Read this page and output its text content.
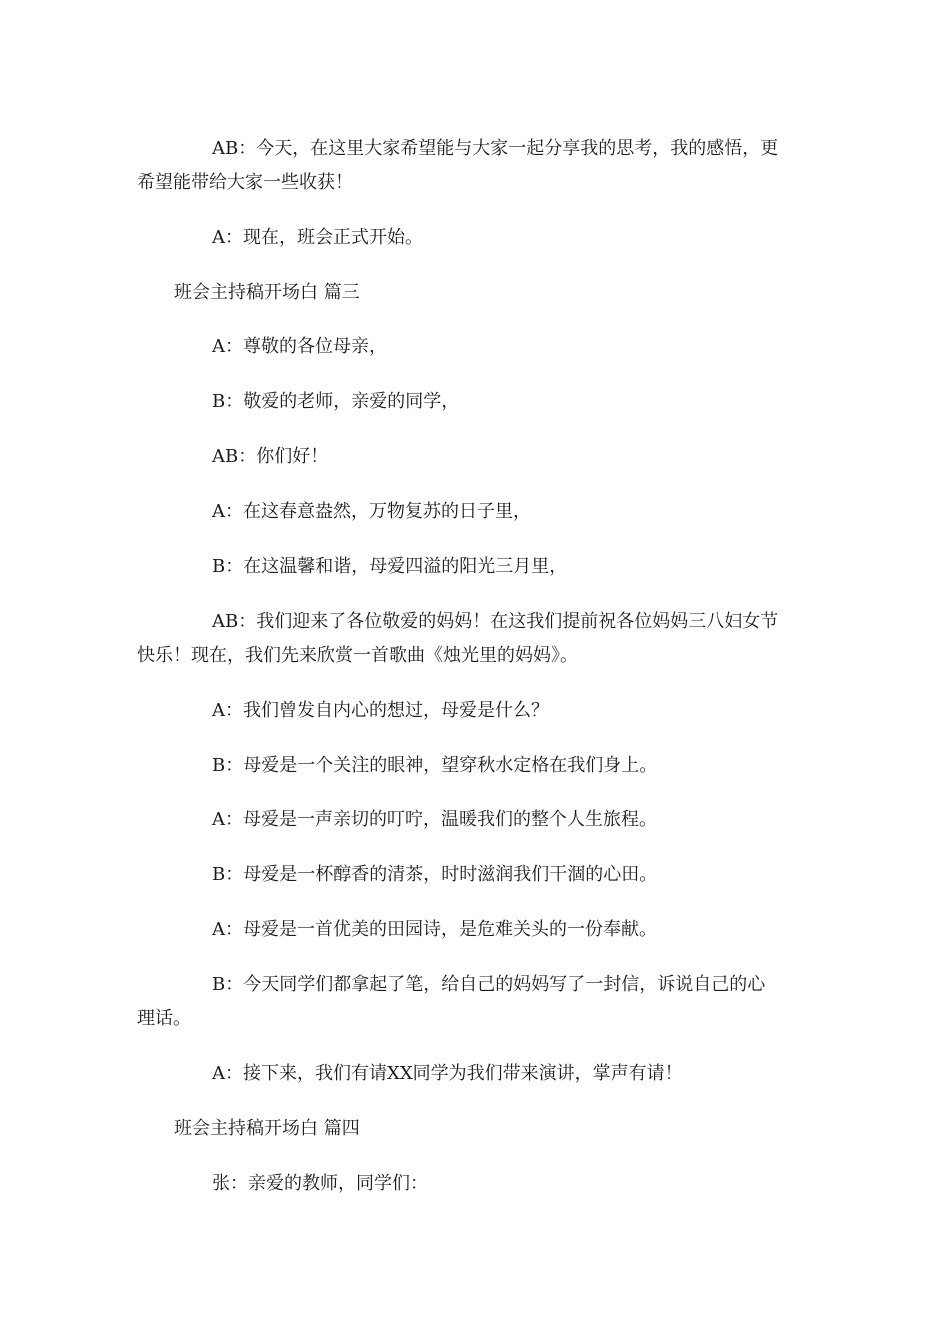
AB：今天，在这里大家希望能与大家一起分享我的思考，我的感悟，更
希望能带给大家一些收获！
A：现在，班会正式开始。
班会主持稿开场白 篇三
A：尊敬的各位母亲，
B：敬爱的老师，亲爱的同学，
AB：你们好！
A：在这春意盎然，万物复苏的日子里，
B：在这温馨和谐，母爱四溢的阳光三月里，
AB：我们迎来了各位敬爱的妈妈！在这我们提前祝各位妈妈三八妇女节
快乐！现在，我们先来欣赏一首歌曲《烛光里的妈妈》。
A：我们曾发自内心的想过，母爱是什么？
B：母爱是一个关注的眼神，望穿秋水定格在我们身上。
A：母爱是一声亲切的叮咛，温暖我们的整个人生旅程。
B：母爱是一杯醇香的清茶，时时滋润我们干涸的心田。
A：母爱是一首优美的田园诗，是危难关头的一份奉献。
B：今天同学们都拿起了笔，给自己的妈妈写了一封信，诉说自己的心
理话。
A：接下来，我们有请XX同学为我们带来演讲，掌声有请！
班会主持稿开场白 篇四
张：亲爱的教师，同学们：
